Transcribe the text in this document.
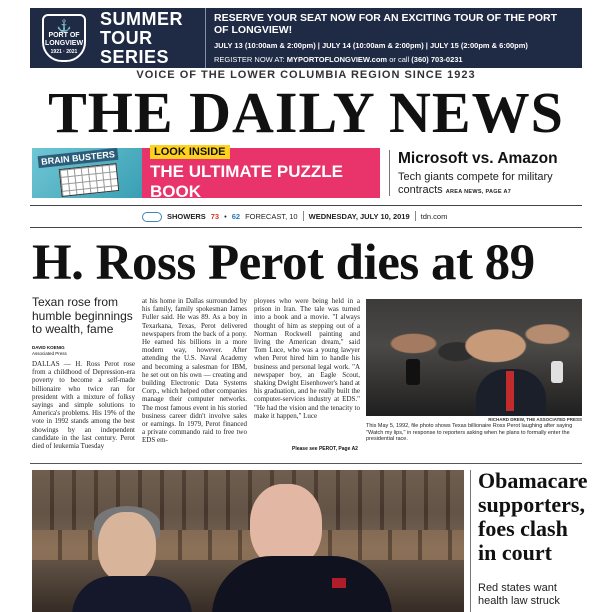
⚓
PORT OF
LONGVIEW
1921 · 2021
SUMMER
TOUR SERIES
RESERVE YOUR SEAT NOW FOR AN EXCITING TOUR OF THE PORT OF LONGVIEW!
JULY 13 (10:00am & 2:00pm) | JULY 14 (10:00am & 2:00pm) | JULY 15 (2:00pm & 6:00pm)
REGISTER NOW AT: MYPORTOFLONGVIEW.com or call (360) 703-0231
VOICE OF THE LOWER COLUMBIA REGION SINCE 1923
THE DAILY NEWS
BRAIN BUSTERS	LOOK INSIDE
THE ULTIMATE PUZZLE BOOK
Microsoft vs. Amazon
Tech giants compete for military contracts AREA NEWS, PAGE A7
SHOWERS 73 • 62 FORECAST, 10 WEDNESDAY, JULY 10, 2019 tdn.com
H. Ross Perot dies at 89
Texan rose from humble beginnings to wealth, fame
DAVID KOENIG
Associated Press
DALLAS — H. Ross Perot rose from a childhood of Depression-era poverty to become a self-made billionaire who twice ran for president with a mixture of folksy sayings and simple solutions to America's problems. His 19% of the vote in 1992 stands among the best showings by an independent candidate in the last century. Perot died of leukemia Tuesday
at his home in Dallas surrounded by his family, family spokesman James Fuller said. He was 89. As a boy in Texarkana, Texas, Perot delivered newspapers from the back of a pony. He earned his billions in a more modern way, however. After attending the U.S. Naval Academy and becoming a salesman for IBM, he set out on his own — creating and building Electronic Data Systems Corp., which helped other companies manage their computer networks. The most famous event in his storied business career didn't involve sales or earnings. In 1979, Perot financed a private commando raid to free two EDS em-
ployees who were being held in a prison in Iran. The tale was turned into a book and a movie. "I always thought of him as stepping out of a Norman Rockwell painting and living the American dream," said Tom Luce, who was a young lawyer when Perot hired him to handle his business and personal legal work. "A newspaper boy, an Eagle Scout, shaking Dwight Eisenhower's hand at his graduation, and he really built the computer-services industry at EDS." "He had the vision and the tenacity to make it happen," Luce
Please see PEROT, Page A2
RICHARD DREW, THE ASSOCIATED PRESS
This May 5, 1992, file photo shows Texas billionaire Ross Perot laughing after saying "Watch my lips," in response to reporters asking when he plans to formally enter the presidential race.
Obamacare supporters, foes clash in court
Red states want health law struck
